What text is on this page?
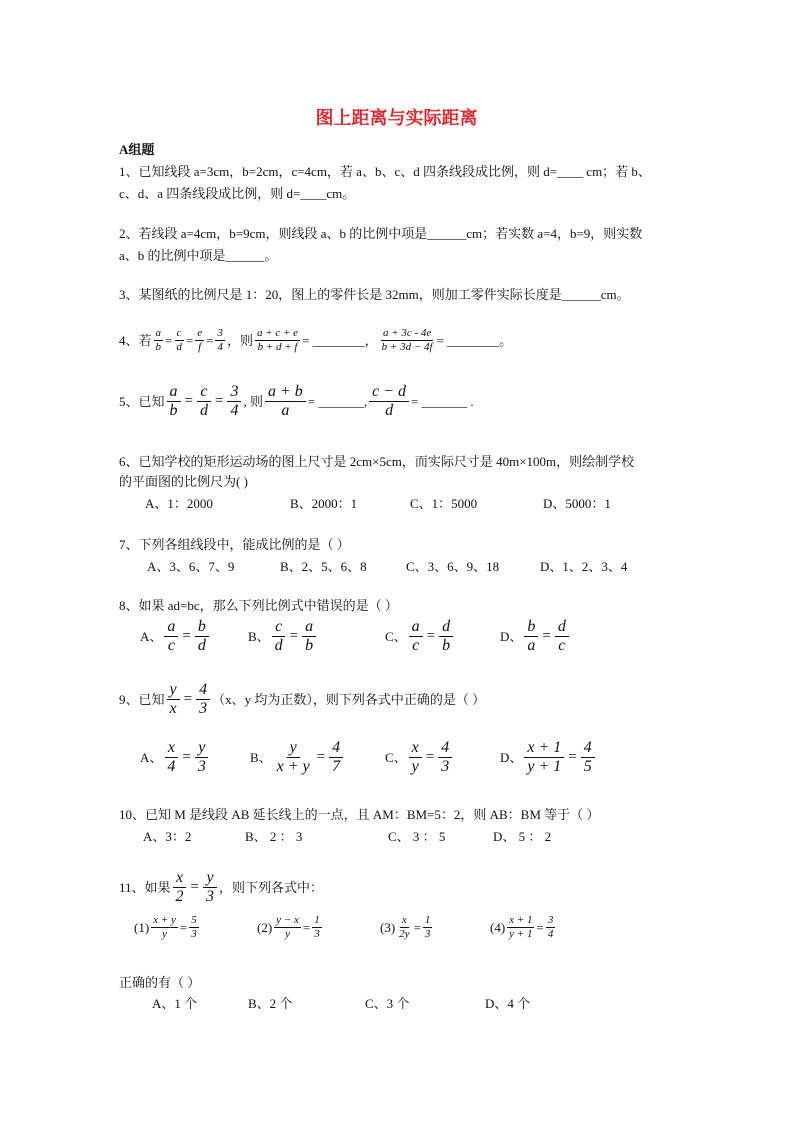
图上距离与实际距离
A组题
1、已知线段 a=3cm，b=2cm，c=4cm，若 a、b、c、d 四条线段成比例，则 d=____ cm；若 b、
c、d、a 四条线段成比例，则 d=____cm。
2、若线段 a=4cm，b=9cm，则线段 a、b 的比例中项是______cm；若实数 a=4，b=9，则实数
a、b 的比例中项是______。
3、某图纸的比例尺是 1：20，图上的零件长是 32mm，则加工零件实际长度是______cm。
4、若 $\frac{a}{b} = \frac{c}{d} = \frac{e}{f} = \frac{3}{4}$ ，则 $\frac{a + c + e}{b + d + f}$ = ________， $\frac{a + 3c - 4e}{b + 3d - 4f}$ = ________。
5、已知 $\frac{a}{b} = \frac{c}{d} = \frac{3}{4}$ , 则 $\frac{a + b}{a}$ = _______, $\frac{c - d}{d}$ = _______ .
6、已知学校的矩形运动场的图上尺寸是 2cm×5cm，而实际尺寸是 40m×100m，则绘制学校
的平面图的比例尺为( )
A、1：2000	B、2000：1	C、1：5000	D、5000：1
7、下列各组线段中，能成比例的是（ ）
A、3、6、7、9	B、2、5、6、8	C、3、6、9、18	D、1、2、3、4
8、如果 ad=bc，那么下列比例式中错误的是（ ）
A、 $\frac{a}{c} = \frac{b}{d}$	B、 $\frac{c}{d} = \frac{a}{b}$	C、 $\frac{a}{c} = \frac{d}{b}$	D、 $\frac{b}{a} = \frac{d}{c}$
9、已知 $\frac{y}{x} = \frac{4}{3} (x$、y 均为正数），则下列各式中正确的是（ ）
A、 $\frac{x}{4} = \frac{y}{3}$	B、 $\frac{y}{x + y} = \frac{4}{7}$	C、 $\frac{x}{y} = \frac{4}{3}$	D、 $\frac{x + 1}{y + 1} = \frac{4}{5}$
10、已知 M 是线段 AB 延长线上的一点，且 AM：BM=5：2，则 AB：BM 等于（ ）
A、3：2	B、 2 ： 3	C、 3 ： 5	D、 5 ： 2
11、如果 $\frac{x}{2} = \frac{y}{3}$ ，则下列各式中：
$(1) \frac{x + y}{y} = \frac{5}{3}$	$(2) \frac{y - x}{y} = \frac{1}{3}$	$(3) \frac{x}{2y} = \frac{1}{3}$	$(4) \frac{x + 1}{y + 1} = \frac{3}{4}$
正确的有（ ）
A、1 个	B、2 个	C、3 个	D、4 个
